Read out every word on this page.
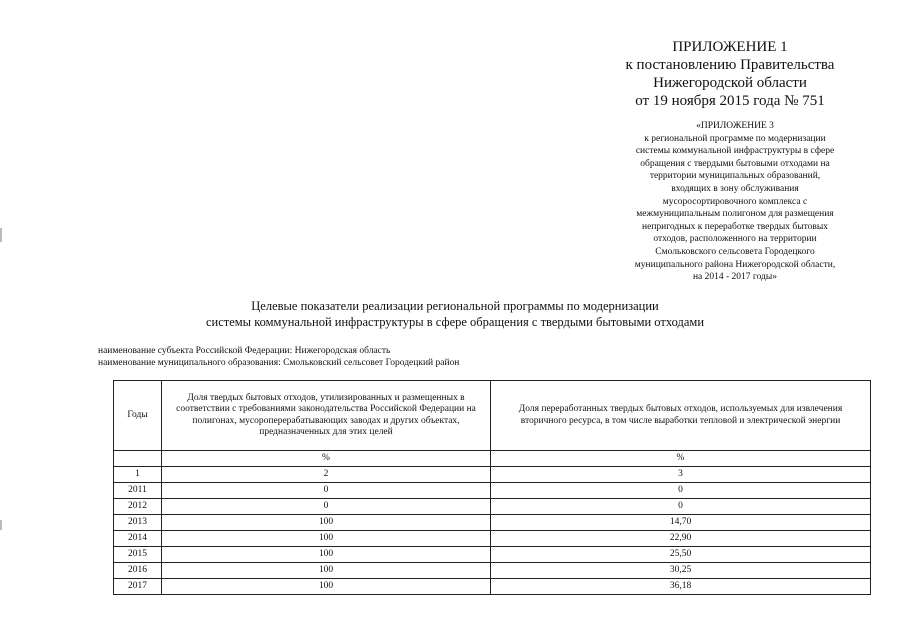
ПРИЛОЖЕНИЕ 1
к постановлению Правительства
Нижегородской области
от 19 ноября 2015 года № 751
«ПРИЛОЖЕНИЕ 3
к региональной программе по модернизации
системы коммунальной инфраструктуры в сфере
обращения с твердыми бытовыми отходами на
территории муниципальных образований,
входящих в зону обслуживания
мусоросортировочного комплекса с
межмуниципальным полигоном для размещения
непригодных к переработке твердых бытовых
отходов, расположенного на территории
Смольковского сельсовета Городецкого
муниципального района Нижегородской области,
на 2014 - 2017 годы»
Целевые показатели реализации региональной программы по модернизации
системы коммунальной инфраструктуры в сфере обращения с твердыми бытовыми отходами
наименование субъекта Российской Федерации: Нижегородская область
наименование муниципального образования: Смольковский сельсовет Городецкий район
Годы	Доля твердых бытовых отходов, утилизированных и размещенных в соответствии с требованиями законодательства Российской Федерации на полигонах, мусороперерабатывающих заводах и других объектах, предназначенных для этих целей	Доля переработанных твердых бытовых отходов, используемых для извлечения вторичного ресурса, в том числе выработки тепловой и электрической энергии
	%	%
1	2	3
2011	0	0
2012	0	0
2013	100	14,70
2014	100	22,90
2015	100	25,50
2016	100	30,25
2017	100	36,18
